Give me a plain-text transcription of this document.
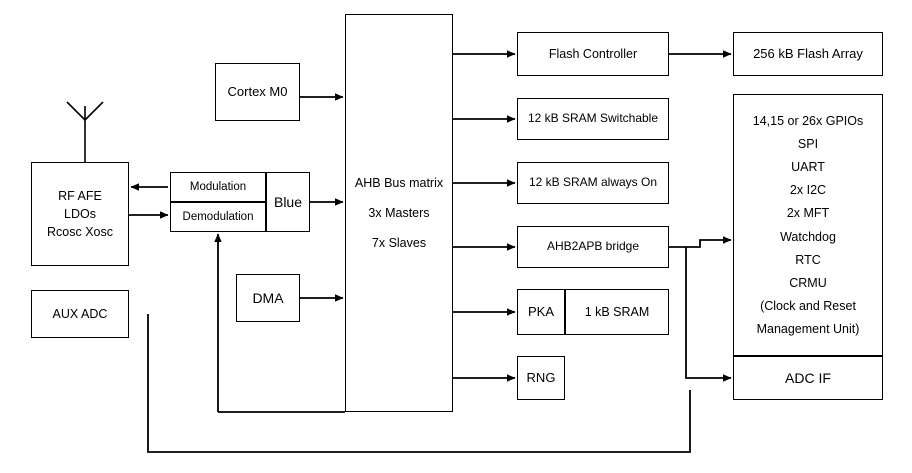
RF AFE
LDOs
Rcosc Xosc
AUX ADC
Modulation
Demodulation
Blue
Cortex M0
DMA
AHB Bus matrix
3x Masters
7x Slaves
Flash Controller
12 kB SRAM Switchable
12 kB SRAM always On
AHB2APB bridge
PKA 1 kB SRAM
RNG
256 kB Flash Array
14,15 or 26x GPIOs
SPI
UART
2x I2C
2x MFT
Watchdog
RTC
CRMU
(Clock and Reset
Management Unit)
ADC IF
